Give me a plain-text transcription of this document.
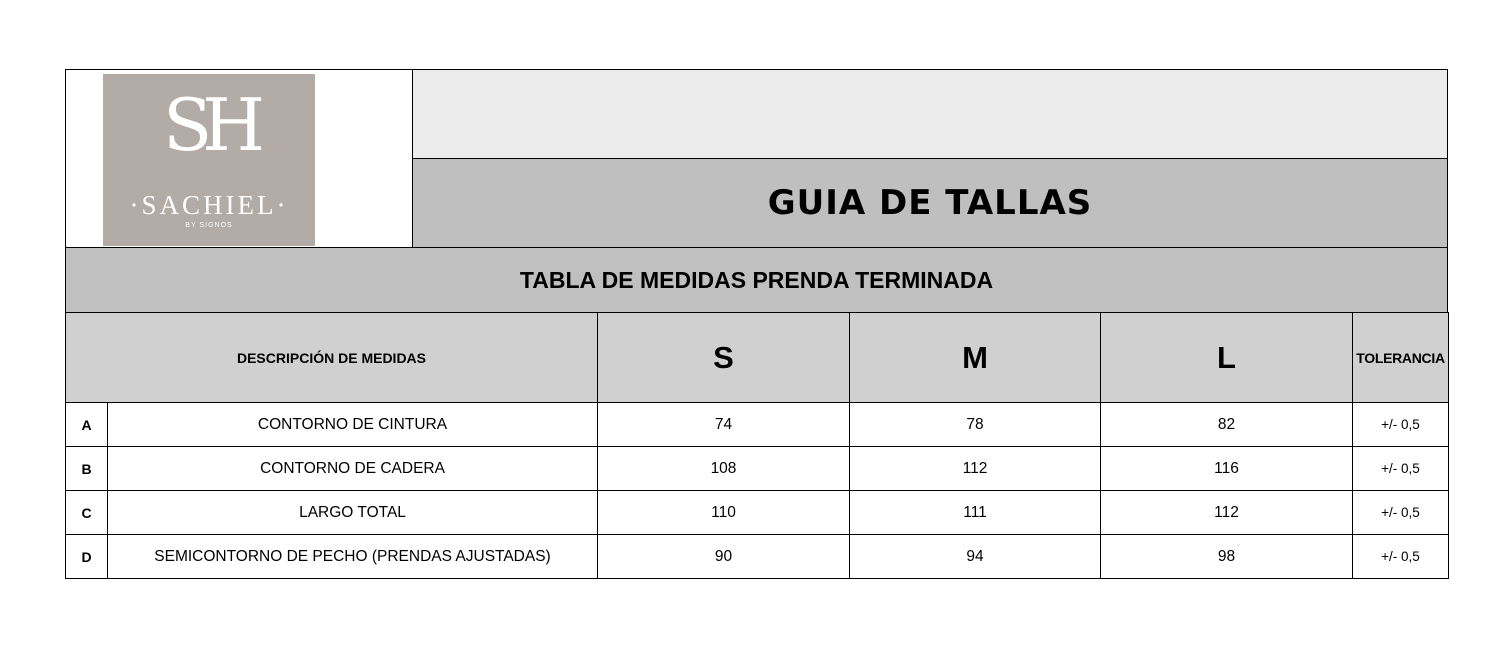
SH
·SACHIEL·
BY SIGNOS
GUIA DE TALLAS
TABLA DE MEDIDAS PRENDA TERMINADA
DESCRIPCIÓN DE MEDIDAS		S	M	L	TOLERANCIA
A	CONTORNO DE CINTURA	74	78	82	+/- 0,5
B	CONTORNO DE CADERA	108	112	116	+/- 0,5
C	LARGO TOTAL	110	111	112	+/- 0,5
D	SEMICONTORNO DE PECHO (PRENDAS AJUSTADAS)	90	94	98	+/- 0,5
